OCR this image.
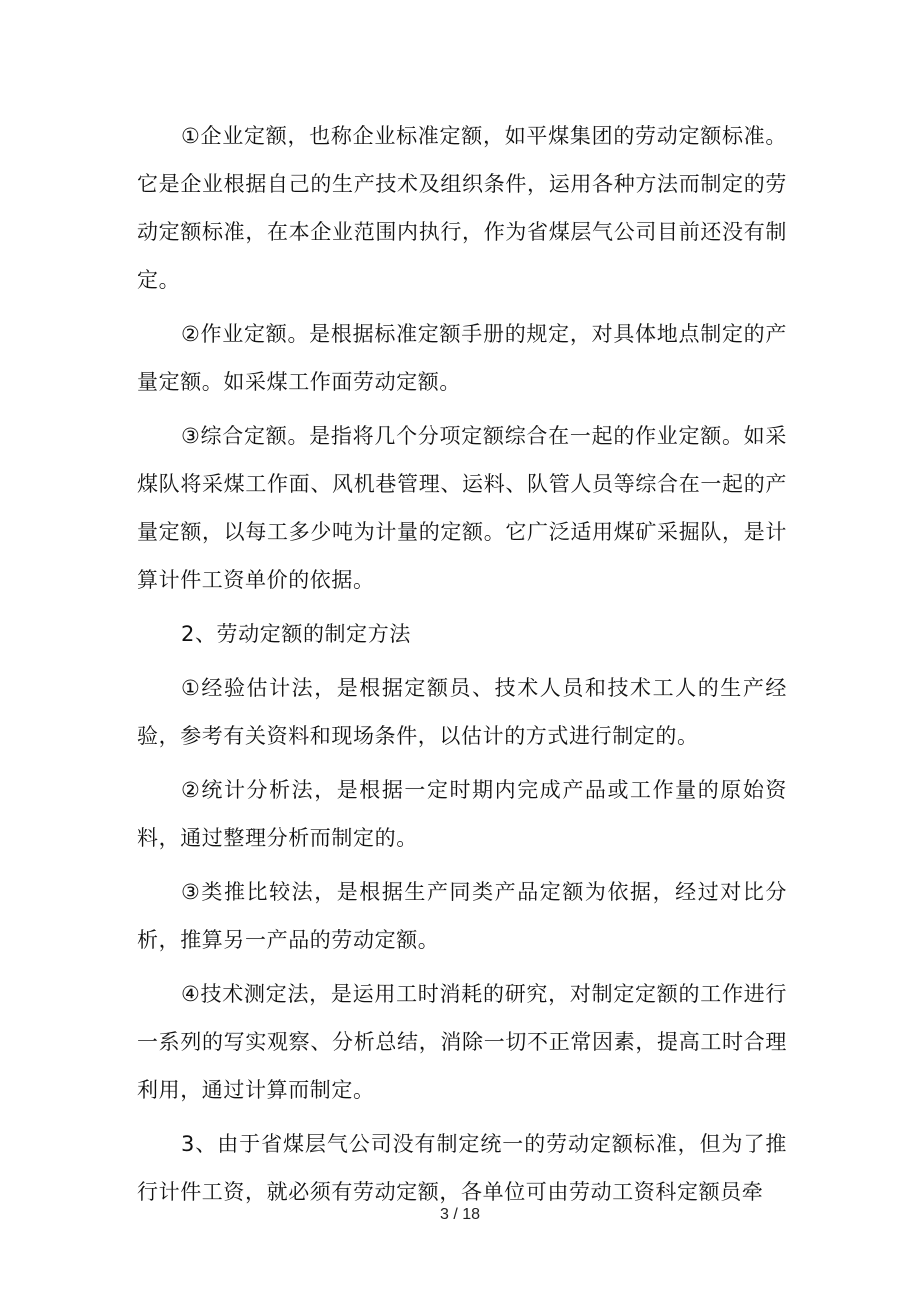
①企业定额，也称企业标准定额，如平煤集团的劳动定额标准。它是企业根据自己的生产技术及组织条件，运用各种方法而制定的劳动定额标准，在本企业范围内执行，作为省煤层气公司目前还没有制定。

②作业定额。是根据标准定额手册的规定，对具体地点制定的产量定额。如采煤工作面劳动定额。

③综合定额。是指将几个分项定额综合在一起的作业定额。如采煤队将采煤工作面、风机巷管理、运料、队管人员等综合在一起的产量定额，以每工多少吨为计量的定额。它广泛适用煤矿采掘队，是计算计件工资单价的依据。

2、劳动定额的制定方法

①经验估计法，是根据定额员、技术人员和技术工人的生产经验，参考有关资料和现场条件，以估计的方式进行制定的。

②统计分析法，是根据一定时期内完成产品或工作量的原始资料，通过整理分析而制定的。

③类推比较法，是根据生产同类产品定额为依据，经过对比分析，推算另一产品的劳动定额。

④技术测定法，是运用工时消耗的研究，对制定定额的工作进行一系列的写实观察、分析总结，消除一切不正常因素，提高工时合理利用，通过计算而制定。

3、由于省煤层气公司没有制定统一的劳动定额标准，但为了推行计件工资，就必须有劳动定额，各单位可由劳动工资科定额员牵

3 / 18
